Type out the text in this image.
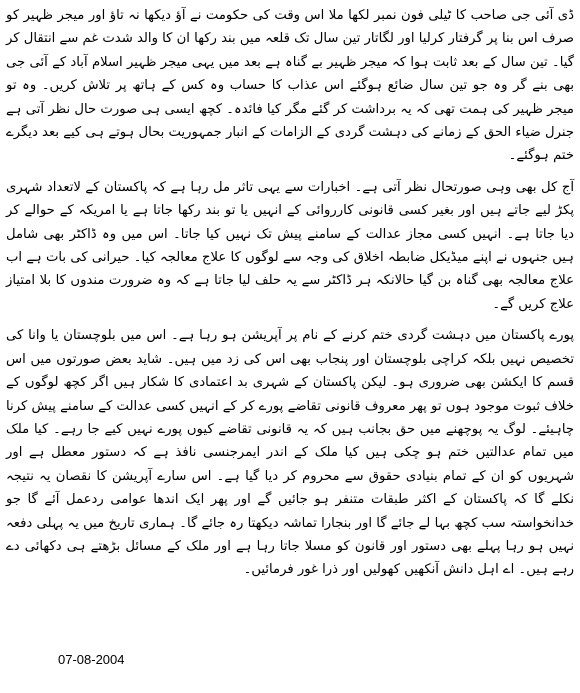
ڈی آئی جی صاحب کا ٹیلی فون نمبر لکھا ملا اس وقت کی حکومت نے آؤ دیکھا نہ تاؤ اور میجر ظہیر کو صرف اس بنا پر گرفتار کرلیا اور لگاتار تین سال تک قلعہ میں بند رکھا ان کا والد شدت غم سے انتقال کر گیا۔ تین سال کے بعد ثابت ہوا کہ میجر ظہیر بے گناہ ہے بعد میں یہی میجر ظہیر اسلام آباد کے آئی جی بھی بنے گر وہ جو تین سال ضائع ہوگئے اس عذاب کا حساب وہ کس کے ہاتھ پر تلاش کریں۔ وہ تو میجر ظہیر کی ہمت تھی کہ یہ برداشت کر گئے مگر کیا فائدہ۔ کچھ ایسی ہی صورت حال نظر آتی ہے جنرل ضیاء الحق کے زمانے کی دہشت گردی کے الزامات کے انبار جمہوریت بحال ہوتے ہی کیے بعد دیگرے ختم ہوگئے۔

آج کل بھی وہی صورتحال نظر آتی ہے۔ اخبارات سے یہی تاثر مل رہا ہے کہ پاکستان کے لاتعداد شہری پکڑ لیے جاتے ہیں اور بغیر کسی قانونی کارروائی کے انہیں یا تو بند رکھا جاتا ہے یا امریکہ کے حوالے کر دیا جاتا ہے۔ انہیں کسی مجاز عدالت کے سامنے پیش تک نہیں کیا جاتا۔ اس میں وہ ڈاکٹر بھی شامل ہیں جنہوں نے اپنے میڈیکل ضابطہ اخلاق کی وجہ سے لوگوں کا علاج معالجہ کیا۔ حیرانی کی بات ہے اب علاج معالجہ بھی گناہ بن گیا حالانکہ ہر ڈاکٹر سے یہ حلف لیا جاتا ہے کہ وہ ضرورت مندوں کا بلا امتیاز علاج کریں گے۔

پورے پاکستان میں دہشت گردی ختم کرنے کے نام پر آپریشن ہو رہا ہے۔ اس میں بلوچستان یا وانا کی تخصیص نہیں بلکہ کراچی بلوچستان اور پنجاب بھی اس کی زد میں ہیں۔ شاید بعض صورتوں میں اس قسم کا ایکشن بھی ضروری ہو۔ لیکن پاکستان کے شہری بد اعتمادی کا شکار ہیں اگر کچھ لوگوں کے خلاف ثبوت موجود ہوں تو پھر معروف قانونی تقاضے پورے کر کے انہیں کسی عدالت کے سامنے پیش کرنا چاہیئے۔ لوگ یہ پوچھنے میں حق بجانب ہیں کہ یہ قانونی تقاضے کیوں پورے نہیں کیے جا رہے۔ کیا ملک میں تمام عدالتیں ختم ہو چکی ہیں کیا ملک کے اندر ایمرجنسی نافذ ہے کہ دستور معطل ہے اور شہریوں کو ان کے تمام بنیادی حقوق سے محروم کر دیا گیا ہے۔ اس سارے آپریشن کا نقصان یہ نتیجہ نکلے گا کہ پاکستان کے اکثر طبقات متنفر ہو جائیں گے اور پھر ایک اندھا عوامی ردعمل آئے گا جو خدانخواستہ سب کچھ بہا لے جائے گا اور بنجارا تماشہ دیکھتا رہ جائے گا۔ ہماری تاریخ میں یہ پہلی دفعہ نہیں ہو رہا پہلے بھی دستور اور قانون کو مسلا جاتا رہا ہے اور ملک کے مسائل بڑھتے ہی دکھائی دے رہے ہیں۔ اے اہل دانش آنکھیں کھولیں اور ذرا غور فرمائیں۔

07-08-2004
